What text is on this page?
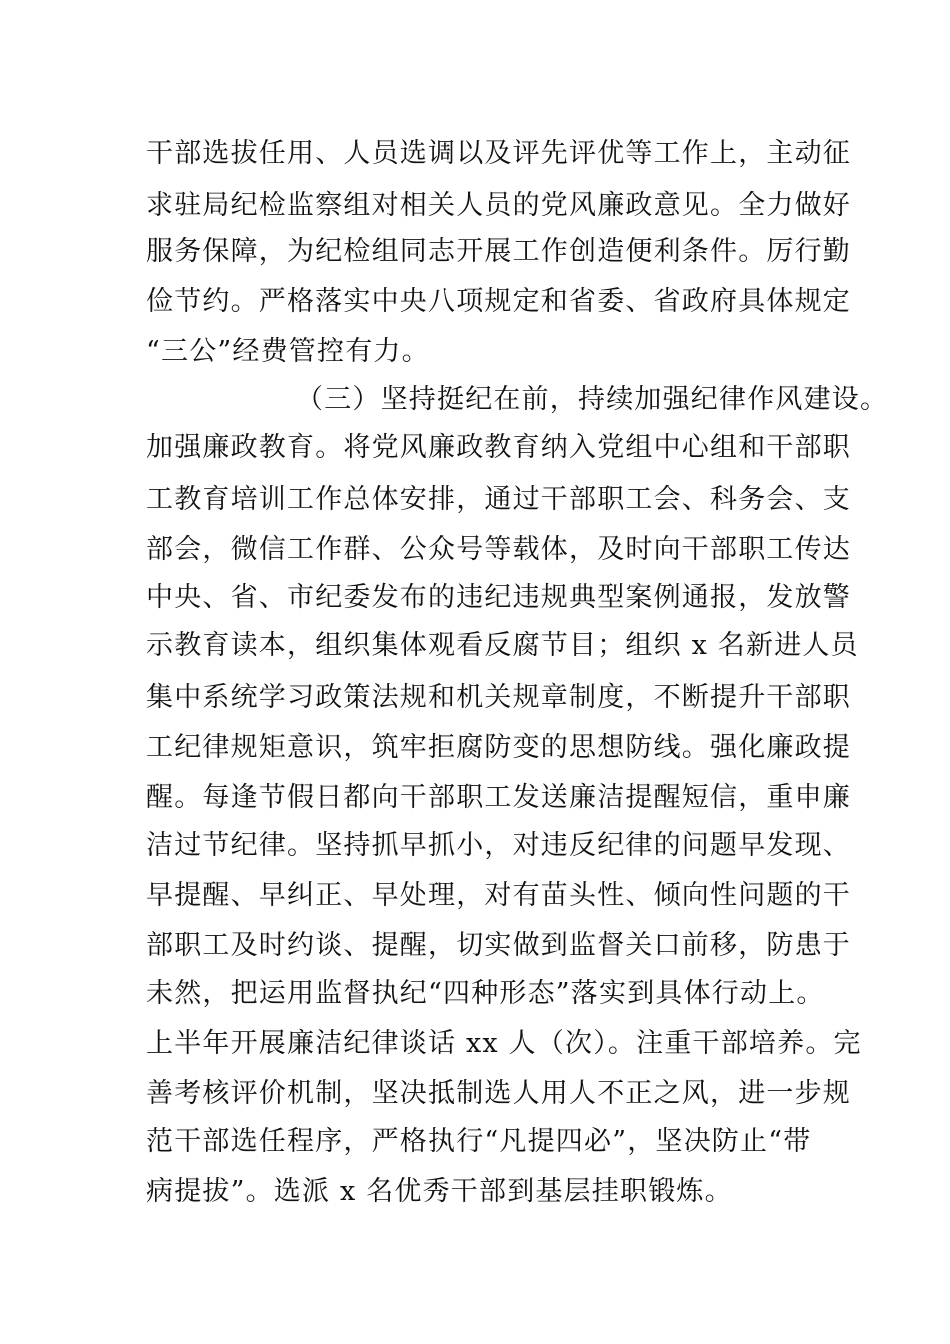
干部选拔任用、人员选调以及评先评优等工作上，主动征
求驻局纪检监察组对相关人员的党风廉政意见。全力做好
服务保障，为纪检组同志开展工作创造便利条件。厉行勤
俭节约。严格落实中央八项规定和省委、省政府具体规定
“三公”经费管控有力。
（三）坚持挺纪在前，持续加强纪律作风建设。
加强廉政教育。将党风廉政教育纳入党组中心组和干部职
工教育培训工作总体安排，通过干部职工会、科务会、支
部会，微信工作群、公众号等载体，及时向干部职工传达
中央、省、市纪委发布的违纪违规典型案例通报，发放警
示教育读本，组织集体观看反腐节目；组织 x 名新进人员
集中系统学习政策法规和机关规章制度，不断提升干部职
工纪律规矩意识，筑牢拒腐防变的思想防线。强化廉政提
醒。每逢节假日都向干部职工发送廉洁提醒短信，重申廉
洁过节纪律。坚持抓早抓小，对违反纪律的问题早发现、
早提醒、早纠正、早处理，对有苗头性、倾向性问题的干
部职工及时约谈、提醒，切实做到监督关口前移，防患于
未然，把运用监督执纪“四种形态”落实到具体行动上。
上半年开展廉洁纪律谈话 xx 人（次）。注重干部培养。完
善考核评价机制，坚决抵制选人用人不正之风，进一步规
范干部选任程序，严格执行“凡提四必”，坚决防止“带
病提拔”。选派 x 名优秀干部到基层挂职锻炼。
